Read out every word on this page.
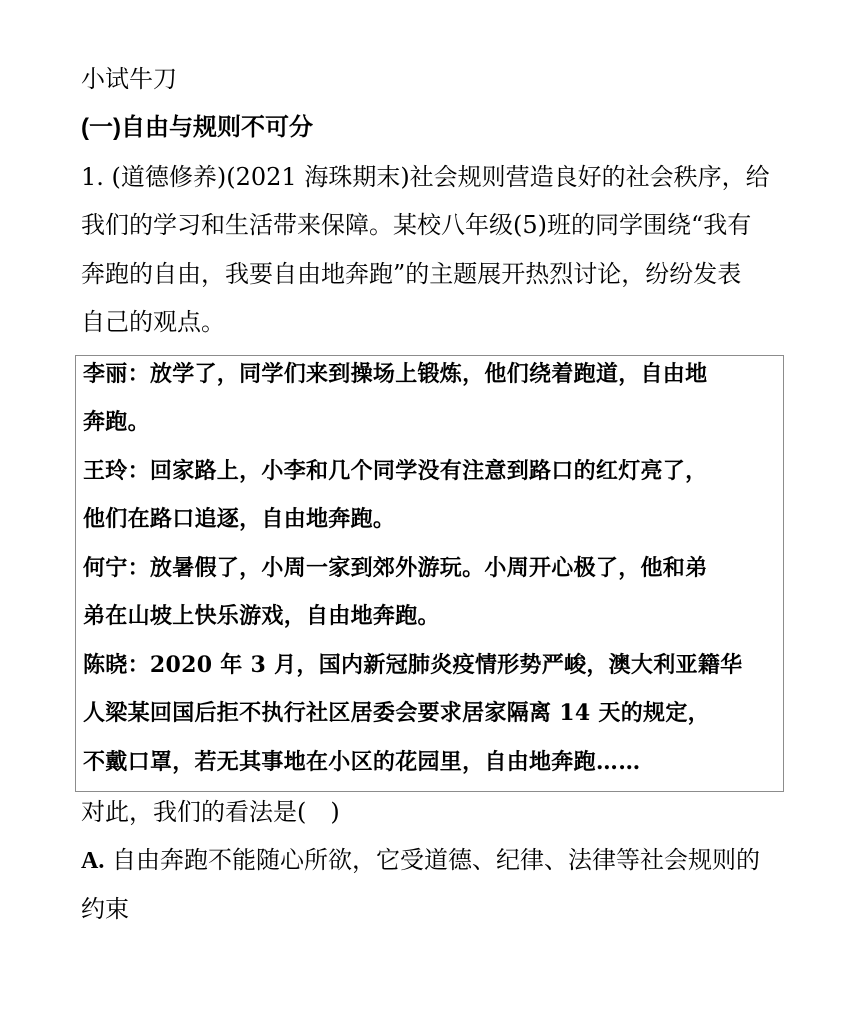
小试牛刀
(一)自由与规则不可分
1. (道德修养)(2021 海珠期末)社会规则营造良好的社会秩序，给
我们的学习和生活带来保障。某校八年级(5)班的同学围绕“我有
奔跑的自由，我要自由地奔跑”的主题展开热烈讨论，纷纷发表
自己的观点。
李丽：放学了，同学们来到操场上锻炼，他们绕着跑道，自由地
奔跑。
王玲：回家路上，小李和几个同学没有注意到路口的红灯亮了，
他们在路口追逐，自由地奔跑。
何宁：放暑假了，小周一家到郊外游玩。小周开心极了，他和弟
弟在山坡上快乐游戏，自由地奔跑。
陈晓：2020 年 3 月，国内新冠肺炎疫情形势严峻，澳大利亚籍华
人梁某回国后拒不执行社区居委会要求居家隔离 14 天的规定，
不戴口罩，若无其事地在小区的花园里，自由地奔跑……
对此，我们的看法是(　)
A. 自由奔跑不能随心所欲，它受道德、纪律、法律等社会规则的
约束
